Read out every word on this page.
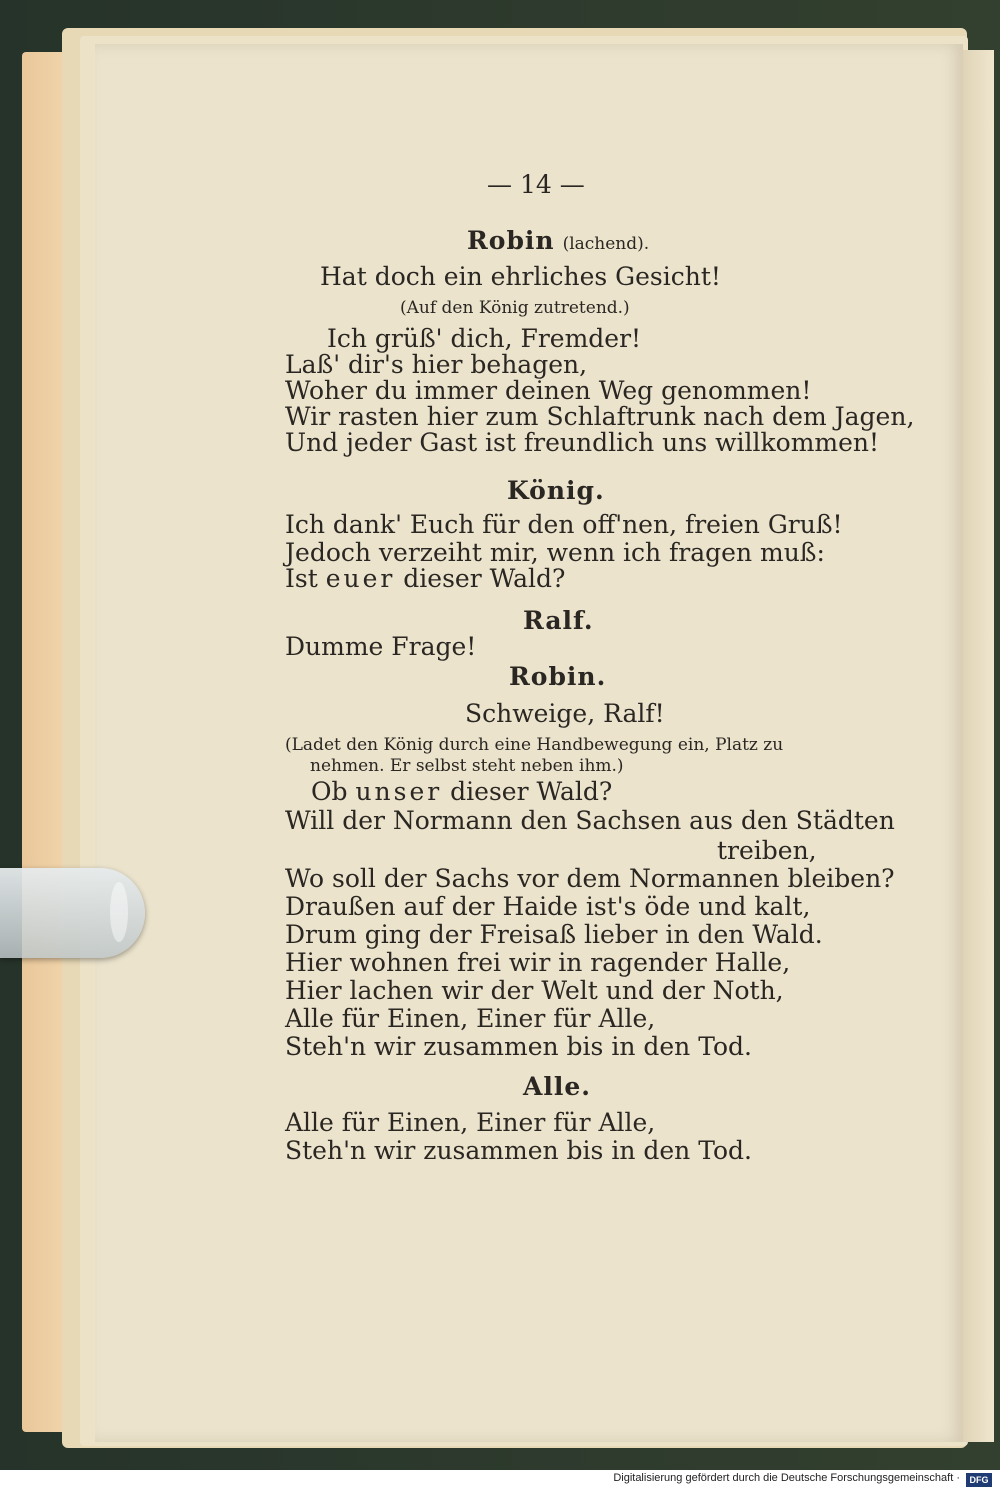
— 14 —

Robin (lachend).

Hat doch ein ehrliches Gesicht!

(Auf den König zutretend.)

Ich grüß' dich, Fremder!

Laß' dir's hier behagen,

Woher du immer deinen Weg genommen!

Wir rasten hier zum Schlaftrunk nach dem Jagen,

Und jeder Gast ist freundlich uns willkommen!

König.

Ich dank' Euch für den off'nen, freien Gruß!

Jedoch verzeiht mir, wenn ich fragen muß:

Ist euer dieser Wald?

Ralf.

Dumme Frage!

Robin.

Schweige, Ralf!

(Ladet den König durch eine Handbewegung ein, Platz zu

nehmen. Er selbst steht neben ihm.)

Ob unser dieser Wald?

Will der Normann den Sachsen aus den Städten

treiben,

Wo soll der Sachs vor dem Normannen bleiben?

Draußen auf der Haide ist's öde und kalt,

Drum ging der Freisaß lieber in den Wald.

Hier wohnen frei wir in ragender Halle,

Hier lachen wir der Welt und der Noth,

Alle für Einen, Einer für Alle,

Steh'n wir zusammen bis in den Tod.

Alle.

Alle für Einen, Einer für Alle,

Steh'n wir zusammen bis in den Tod.

Digitalisierung gefördert durch die Deutsche Forschungsgemeinschaft ·	DFG
